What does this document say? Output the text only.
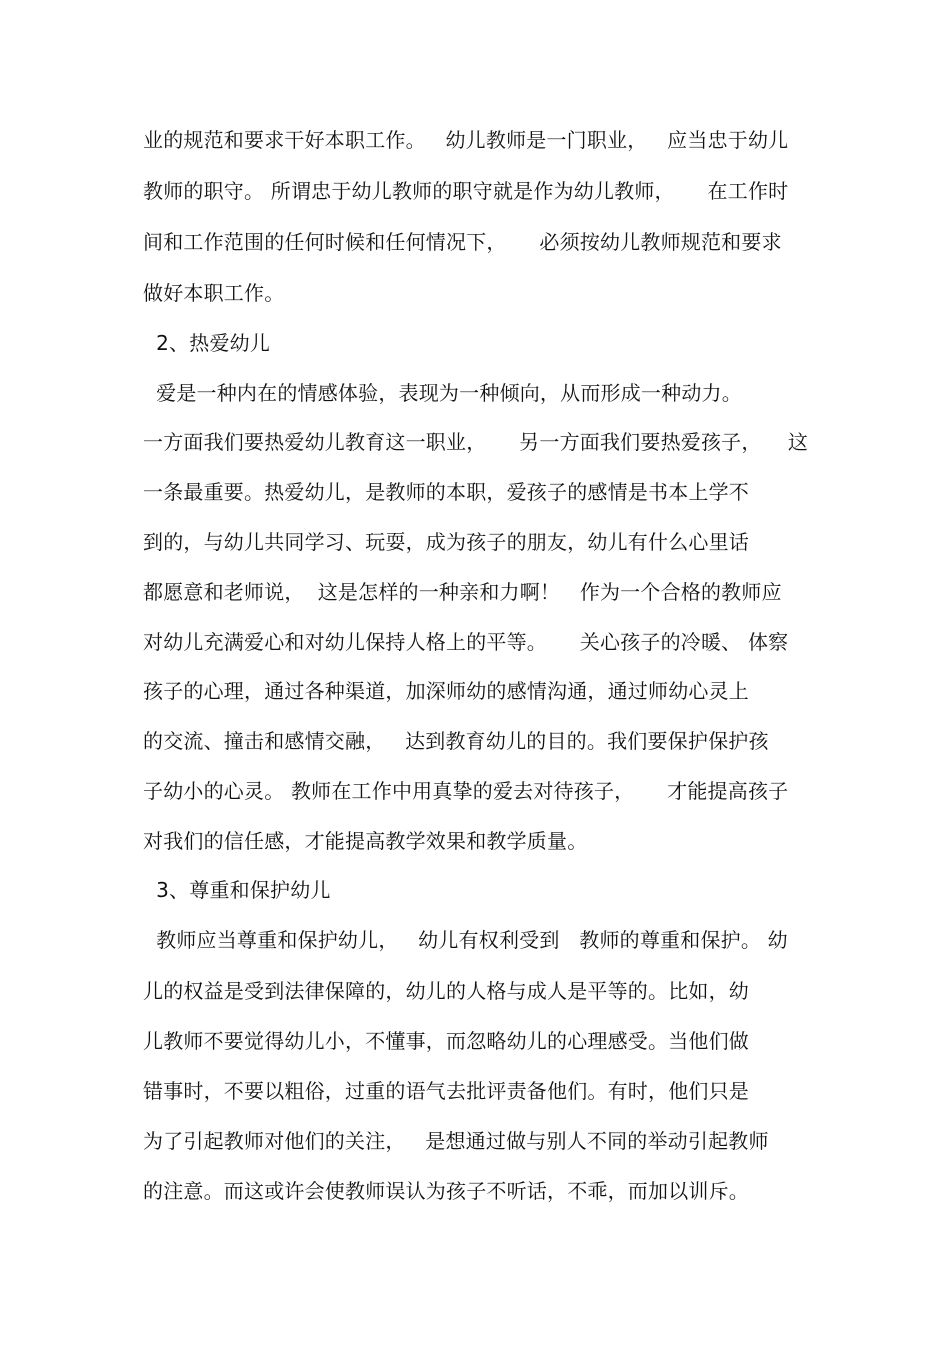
业的规范和要求干好本职工作。   幼儿教师是一门职业，   应当忠于幼儿
教师的职守。 所谓忠于幼儿教师的职守就是作为幼儿教师，     在工作时
间和工作范围的任何时候和任何情况下，     必须按幼儿教师规范和要求
做好本职工作。
2、热爱幼儿
爱是一种内在的情感体验，表现为一种倾向，从而形成一种动力。
一方面我们要热爱幼儿教育这一职业，     另一方面我们要热爱孩子，    这
一条最重要。热爱幼儿，是教师的本职，爱孩子的感情是书本上学不
到的，与幼儿共同学习、玩耍，成为孩子的朋友，幼儿有什么心里话
都愿意和老师说，  这是怎样的一种亲和力啊！   作为一个合格的教师应
对幼儿充满爱心和对幼儿保持人格上的平等。     关心孩子的冷暖、 体察
孩子的心理，通过各种渠道，加深师幼的感情沟通，通过师幼心灵上
的交流、撞击和感情交融，   达到教育幼儿的目的。我们要保护保护孩
子幼小的心灵。 教师在工作中用真挚的爱去对待孩子，     才能提高孩子
对我们的信任感，才能提高教学效果和教学质量。
3、尊重和保护幼儿
教师应当尊重和保护幼儿，   幼儿有权利受到   教师的尊重和保护。 幼
儿的权益是受到法律保障的，幼儿的人格与成人是平等的。比如，幼
儿教师不要觉得幼儿小，不懂事，而忽略幼儿的心理感受。当他们做
错事时，不要以粗俗，过重的语气去批评责备他们。有时，他们只是
为了引起教师对他们的关注，   是想通过做与别人不同的举动引起教师
的注意。而这或许会使教师误认为孩子不听话，不乖，而加以训斥。
